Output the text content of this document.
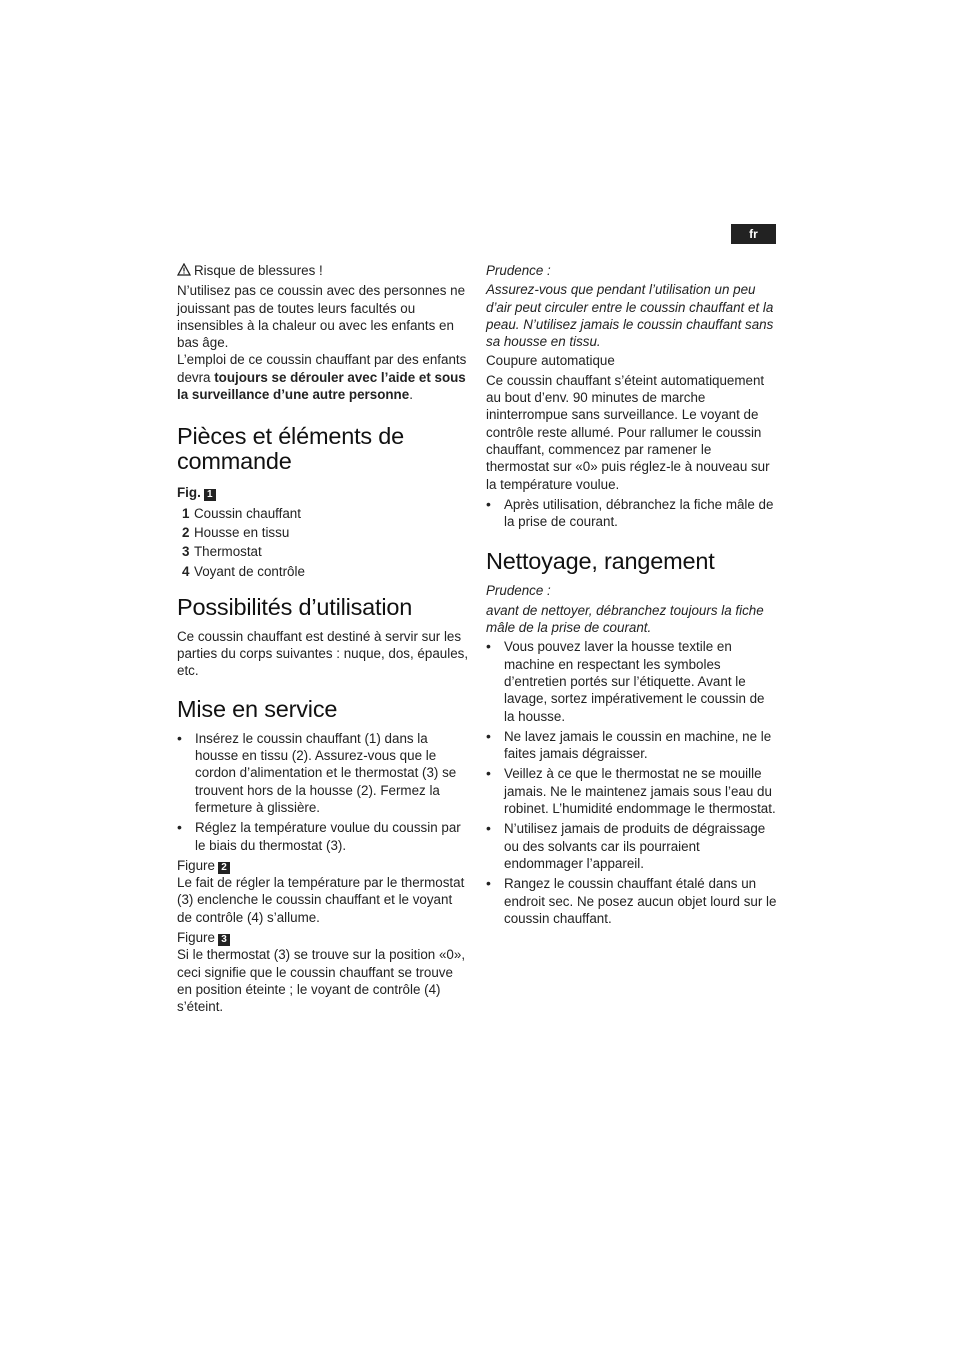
fr

Risque de blessures !

N’utilisez pas ce coussin avec des personnes ne jouissant pas de toutes leurs facultés ou insensibles à la chaleur ou avec les enfants en bas âge.

L’emploi de ce coussin chauffant par des enfants devra toujours se dérouler avec l’aide et sous la surveillance d’une autre personne.

Pièces et éléments de commande

Fig. 1

1 Coussin chauffant
2 Housse en tissu
3 Thermostat
4 Voyant de contrôle
Possibilités d’utilisation

Ce coussin chauffant est destiné à servir sur les parties du corps suivantes : nuque, dos, épaules, etc.

Mise en service
• Insérez le coussin chauffant (1) dans la housse en tissu (2). Assurez-vous que le cordon d’alimentation et le thermostat (3) se trouvent hors de la housse (2). Fermez la fermeture à glissière.
• Réglez la température voulue du coussin par le biais du thermostat (3).

Figure 2

Le fait de régler la température par le thermostat (3) enclenche le coussin chauffant et le voyant de contrôle (4) s’allume.

Figure 3

Si le thermostat (3) se trouve sur la position «0», ceci signifie que le coussin chauffant se trouve en position éteinte ; le voyant de contrôle (4) s’éteint.

Prudence :

Assurez-vous que pendant l’utilisation un peu d’air peut circuler entre le coussin chauffant et la peau. N’utilisez jamais le coussin chauffant sans sa housse en tissu.

Coupure automatique

Ce coussin chauffant s’éteint automatiquement au bout d’env. 90 minutes de marche ininterrompue sans surveillance. Le voyant de contrôle reste allumé. Pour rallumer le coussin chauffant, commencez par ramener le thermostat sur «0» puis réglez-le à nouveau sur la température voulue.

• Après utilisation, débranchez la fiche mâle de la prise de courant.
Nettoyage, rangement

Prudence :

avant de nettoyer, débranchez toujours la fiche mâle de la prise de courant.

• Vous pouvez laver la housse textile en machine en respectant les symboles d’entretien portés sur l’étiquette. Avant le lavage, sortez impérativement le coussin de la housse.
• Ne lavez jamais le coussin en machine, ne le faites jamais dégraisser.
• Veillez à ce que le thermostat ne se mouille jamais. Ne le maintenez jamais sous l’eau du robinet. L’humidité endommage le thermostat.
• N’utilisez jamais de produits de dégraissage ou des solvants car ils pourraient endommager l’appareil.
• Rangez le coussin chauffant étalé dans un endroit sec. Ne posez aucun objet lourd sur le coussin chauffant.
